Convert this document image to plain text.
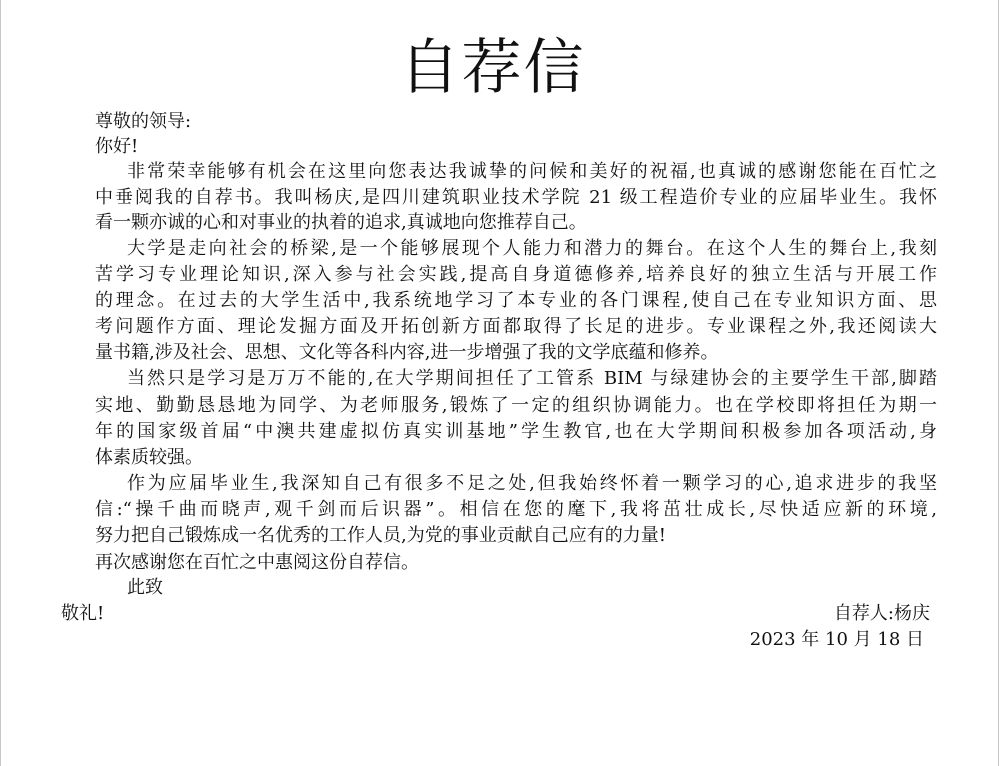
自荐信
尊敬的领导:
你好!
非常荣幸能够有机会在这里向您表达我诚挚的问候和美好的祝福,也真诚的感谢您能在百忙之
中垂阅我的自荐书。我叫杨庆,是四川建筑职业技术学院 21 级工程造价专业的应届毕业生。我怀
看一颗亦诚的心和对事业的执着的追求,真诚地向您推荐自己。
大学是走向社会的桥梁,是一个能够展现个人能力和潜力的舞台。在这个人生的舞台上,我刻
苦学习专业理论知识,深入参与社会实践,提高自身道德修养,培养良好的独立生活与开展工作
的理念。在过去的大学生活中,我系统地学习了本专业的各门课程,使自己在专业知识方面、思
考问题作方面、理论发掘方面及开拓创新方面都取得了长足的进步。专业课程之外,我还阅读大
量书籍,涉及社会、思想、文化等各科内容,进一步增强了我的文学底蕴和修养。
当然只是学习是万万不能的,在大学期间担任了工管系 BIM 与绿建协会的主要学生干部,脚踏
实地、勤勤恳恳地为同学、为老师服务,锻炼了一定的组织协调能力。也在学校即将担任为期一
年的国家级首届“中澳共建虚拟仿真实训基地”学生教官,也在大学期间积极参加各项活动,身
体素质较强。
作为应届毕业生,我深知自己有很多不足之处,但我始终怀着一颗学习的心,追求进步的我坚
信:“操千曲而晓声,观千剑而后识器”。相信在您的麾下,我将茁壮成长,尽快适应新的环境,
努力把自己锻炼成一名优秀的工作人员,为党的事业贡献自己应有的力量!
再次感谢您在百忙之中惠阅这份自荐信。
此致
敬礼!	自荐人:杨庆
2023 年 10 月 18 日
